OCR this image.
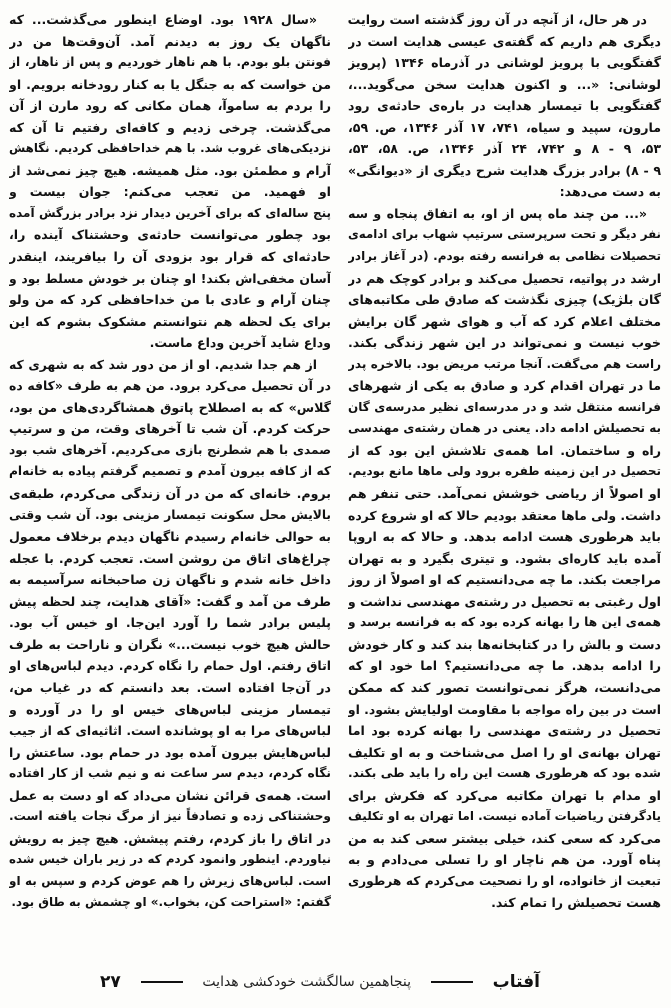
در هر حال، از آنچه در آن روز گذشته است روایت
دیگری هم داریم که گفته‌ی عیسی هدایت است در
گفتگویی با پرویز لوشانی در آذرماه ۱۳۴۶ (پرویز
لوشانی: «... و اکنون هدایت سخن می‌گوید...،
گفتگویی با تیمسار هدایت در باره‌ی حادثه‌ی رود
مارون، سپید و سیاه، ۷۴۱، ۱۷ آذر ۱۳۴۶، ص. ۵۹،
۵۳، ۹ - ۸ و ۷۴۲، ۲۴ آذر ۱۳۴۶، ص. ۵۸، ۵۳،
۹ - ۸) برادر بزرگ هدایت شرح دیگری از «دیوانگی»
به دست می‌دهد:
«... من چند ماه پس از او، به اتفاق پنجاه و سه
نفر دیگر و تحت سرپرستی سرتیپ شهاب برای ادامه‌ی
تحصیلات نظامی به فرانسه رفته بودم. (در آغاز برادر
ارشد در پواتیه، تحصیل می‌کند و برادر کوچک هم در
گان بلژیک) چیزی نگذشت که صادق طی مکاتبه‌های
مختلف اعلام کرد که آب و هوای شهر گان برایش
خوب نیست و نمی‌تواند در این شهر زندگی بکند.
راست هم می‌گفت. آنجا مرتب مریض بود. بالاخره پدر
ما در تهران اقدام کرد و صادق به یکی از شهرهای
فرانسه منتقل شد و در مدرسه‌ای نظیر مدرسه‌ی گان
به تحصیلش ادامه داد. یعنی در همان رشته‌ی مهندسی
راه و ساختمان. اما همه‌ی تلاشش این بود که از
تحصیل در این زمینه طفره برود ولی ماها مانع بودیم.
او اصولاً از ریاضی خوشش نمی‌آمد. حتی تنفر هم
داشت. ولی ماها معتقد بودیم حالا که او شروع کرده
باید هرطوری هست ادامه بدهد. و حالا که به اروپا
آمده باید کاره‌ای بشود. و تیتری بگیرد و به تهران
مراجعت بکند. ما چه می‌دانستیم که او اصولاً از روز
اول رغبتی به تحصیل در رشته‌ی مهندسی نداشت و
همه‌ی این ها را بهانه کرده بود که به فرانسه برسد و
دست و بالش را در کتابخانه‌ها بند کند و کار خودش
را ادامه بدهد. ما چه می‌دانستیم؟ اما خود او که
می‌دانست، هرگز نمی‌توانست تصور کند که ممکن
است در بین راه مواجه با مقاومت اولیایش بشود. او
تحصیل در رشته‌ی مهندسی را بهانه کرده بود اما
تهران بهانه‌ی او را اصل می‌شناخت و به او تکلیف
شده بود که هرطوری هست این راه را باید طی بکند.
او مدام با تهران مکاتبه می‌کرد که فکرش برای
یادگرفتن ریاضیات آماده نیست. اما تهران به او تکلیف
می‌کرد که سعی کند، خیلی بیشتر سعی کند به من
پناه آورد. من هم ناچار او را تسلی می‌دادم و به
تبعیت از خانواده، او را نصحیت می‌کردم که هرطوری
هست تحصیلش را تمام کند.
«سال ۱۹۲۸ بود. اوضاع اینطور می‌گذشت... که
ناگهان یک روز به دیدنم آمد. آن‌وقت‌ها من در
فونتن بلو بودم. با هم ناهار خوردیم و پس از ناهار، از
من خواست که به جنگل یا به کنار رودخانه برویم. او
را بردم به ساموآ، همان مکانی که رود مارن از آن
می‌گذشت. چرخی زدیم و کافه‌ای رفتیم تا آن که
نزدیکی‌های غروب شد. با هم خداحافظی کردیم. نگاهش
آرام و مطمئن بود. مثل همیشه. هیچ چیز نمی‌شد از
او فهمید. من تعجب می‌کنم: جوان بیست و
پنج ساله‌ای که برای آخرین دیدار نزد برادر بزرگش آمده
بود چطور می‌توانست حادثه‌ی وحشتناک آینده را،
حادثه‌ای که قرار بود بزودی آن را بیافریند، اینقدر
آسان مخفی‌اش بکند! او چنان بر خودش مسلط بود و
چنان آرام و عادی با من خداحافظی کرد که من ولو
برای یک لحظه هم نتوانستم مشکوک بشوم که این
وداع شاید آخرین وداع ماست.
از هم جدا شدیم. او از من دور شد که به شهری که
در آن تحصیل می‌کرد برود. من هم به طرف «کافه ده
گلاس» که به اصطلاح پاتوق همشاگردی‌های من بود،
حرکت کردم. آن شب تا آخرهای وقت، من و سرتیپ
صمدی با هم شطرنج بازی می‌کردیم. آخرهای شب بود
که از کافه بیرون آمدم و تصمیم گرفتم پیاده به خانه‌ام
بروم. خانه‌ای که من در آن زندگی می‌کردم، طبقه‌ی
بالایش محل سکونت تیمسار مزینی بود. آن شب وقتی
به حوالی خانه‌ام رسیدم ناگهان دیدم برخلاف معمول
چراغ‌های اتاق من روشن است. تعجب کردم. با عجله
داخل خانه شدم و ناگهان زن صاحبخانه سرآسیمه به
طرف من آمد و گفت: «آقای هدایت، چند لحظه پیش
پلیس برادر شما را آورد این‌جا. او خیس آب بود.
حالش هیچ خوب نیست...» نگران و ناراحت به طرف
اتاق رفتم. اول حمام را نگاه کردم. دیدم لباس‌های او
در آن‌جا افتاده است. بعد دانستم که در غیاب من،
تیمسار مزینی لباس‌های خیس او را در آورده و
لباس‌های مرا به او پوشانده است. اثاثیه‌ای که از جیب
لباس‌هایش بیرون آمده بود در حمام بود. ساعتش را
نگاه کردم، دیدم سر ساعت نه و نیم شب از کار افتاده
است. همه‌ی قرائن نشان می‌داد که او دست به عمل
وحشتناکی زده و تصادفاً نیز از مرگ نجات یافته است.
در اتاق را باز کردم، رفتم پیشش. هیچ چیز به رویش
نیاوردم. اینطور وانمود کردم که در زیر باران خیس شده
است. لباس‌های زیرش را هم عوض کردم و سپس به او
گفتم: «استراحت کن، بخواب.» او چشمش به طاق بود.
آفتاب
پنجاهمین سالگشت خودکشی هدایت
۲۷
